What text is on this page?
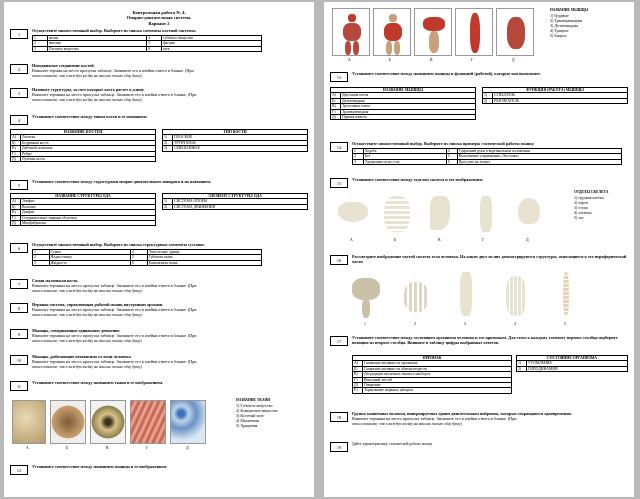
Контрольная работа № 4.
Опорно-двигательная система.
Вариант 2
1
Осуществите множественный выбор. Выберите из списка элементы костной системы:
1	актин	4	губчатое вещество
2	миозин	5	фасция
3	Плотное вещество	6	шея
2
Неподвижное соединение костей.
Впишите термин на место пропуска таблице. Запишите его в ячейки ответа в бланке. (При
записи помните, что в каждую ячейку вы вписали только одну букву).
3
Назовите структуры, за счет которых кость растет в длину.
Впишите термины на место пропуска таблице. Запишите его в ячейки ответа в бланке. (При
записи помните, что в каждую ячейку вы вписали только одну букву).
4
Установите соответствие между типом кости и ее названием.
НАЗВАНИЕ КОСТЕЙ	
А)	Лопатка
Б)	Бедренная кость
В)	Дейтный позвонок
Г)	Ребро
Д)	Лучевая кость
ТИП КОСТИ	
1)	ПЛОСКИЕ
2)	ТРУБЧАТЫЕ
3)	СМЕШАННЫЕ
5
Установите соответствие между структурами опорно-двигательного аппарата и их названием.
НАЗВАНИЕ СТРУКТУРЫ ОДА	
А)	Эпифиз
Б)	Волокно
В)	Диафиз
Г)	Соединительно-тканная оболочка
Д)	Миофибриллы
ЭЛЕМЕНТ СТРУКТУРЫ ОДА	
1)	СИСТЕМА ОПОРЫ
2)	СИСТЕМА ДВИЖЕНИЯ
6
Осуществите множественный выбор. Выберите из списка структурные элементы суставы:
1	Сумка	4	Эпистатные хрящи
2	Надкостница	5	Губчатая ткань
3	Жидкость	6	Компактная ткань
7
Самая маленькая кость.
Впишите термины на место пропуска таблице. Запишите его в ячейки ответа в бланке. (При
записи помните, что в каждую ячейку вы вписали только одну букву).
8
Нервная система, управляющая работой мышц внутренних органов.
Впишите термины на место пропуска таблице. Запишите его в ячейки ответа в бланке. (При
записи помните, что в каждую ячейку вы вписали только одну букву).
9
Мышцы, совершающие одинаковое движение.
Впишите термины на место пропуска таблице. Запишите его в ячейки ответа в бланке. (При
записи помните, что в каждую ячейку вы вписали только одну букву).
10
Мышцы, работающие независимо от воли человека.
Впишите термины на место пропуска таблице. Запишите его в ячейки ответа в бланке. (При
записи помните, что в каждую ячейку вы вписали только одну букву).
11
Установите соответствие между названием ткани и ее изображением.
А	Б	В	Г	Д
НАЗВАНИЕ ТКАНИ
1) Губчатое вещество
2) Компактное вещество
3) Костный мозг
4) Мышечная
5) Хрящевая
12
Установите соответствие между названием мышцы и ее изображением.
А	Б	В	Г	Д
НАЗВАНИЕ МЫШЦЫ
1) Грудные
2) Трапециевидная
3) Дельтовидная
4) Трицепс
5) Бицепс
13
Установите соответствие между названием мышцы и функцией (работой), которую она выполняет.
НАЗВАНИЕ МЫШЦЫ	
А)	Двуглавая плеча
Б)	Дельтовидная
В)	Трехглавая плеча
Г)	Трапециевидная
Д)	Прямая живота
ФУНКЦИЯ (РАБОТА) МЫШЦЫ	
1)	СГИБАТЕЛЬ
2)	РАЗГИБАТЕЛЬ
14
Осуществите множественный выбор. Выберите из списка примеры статической работы мышц:
1	Ходьба	4	Удержание руки в вертикальном положении
2	Бег	5	Выполнение упражнения «Ласточка»
3	Удержание позы стоя	6	Прогулка на лыжах
15
Установите соответствие между отделом скелета и его изображением
А	Б	В	Г	Д
ОТДЕЛЫ СКЕЛЕТА
1) грудная клетка
2) череп
3) стопа
4) лопатка
5) таз
16
Рассмотрите изображение частей скелета тела человека. На каких двух из них демонстрируются структуры, относящиеся к его периферической части
1	2	3	4	5
17
Установите соответствие между состоянием организма человека и его признаком. Для этого к каждому элементу первого столбца подберите позицию из второго столбца. Впишите в таблицу цифры выбранных ответов.
ПРИЗНАК	
А)	Снижение активности организма
Б)	Снижение активности обмена веществ
В)	Деградация скелетных мышц и наоборот
Г)	Венозный застой
Д)	Ожирение
Е)	Торможение нервных центров
СОСТОЯНИЕ ОРГАНИЗМА	
1)	УТОМЛЕНИЕ
2)	ГИПОДИНАМИЯ
18
Группа мышечных волокон, иннервируемых одним двигательным нейроном, которые сокращаются одновременно.
Впишите термины на место пропуска таблице. Запишите его в ячейки ответа в бланке. (При
записи помните, что в каждую ячейку вы вписали только одну букву).
19
Дайте характеристику статической работы мышц
